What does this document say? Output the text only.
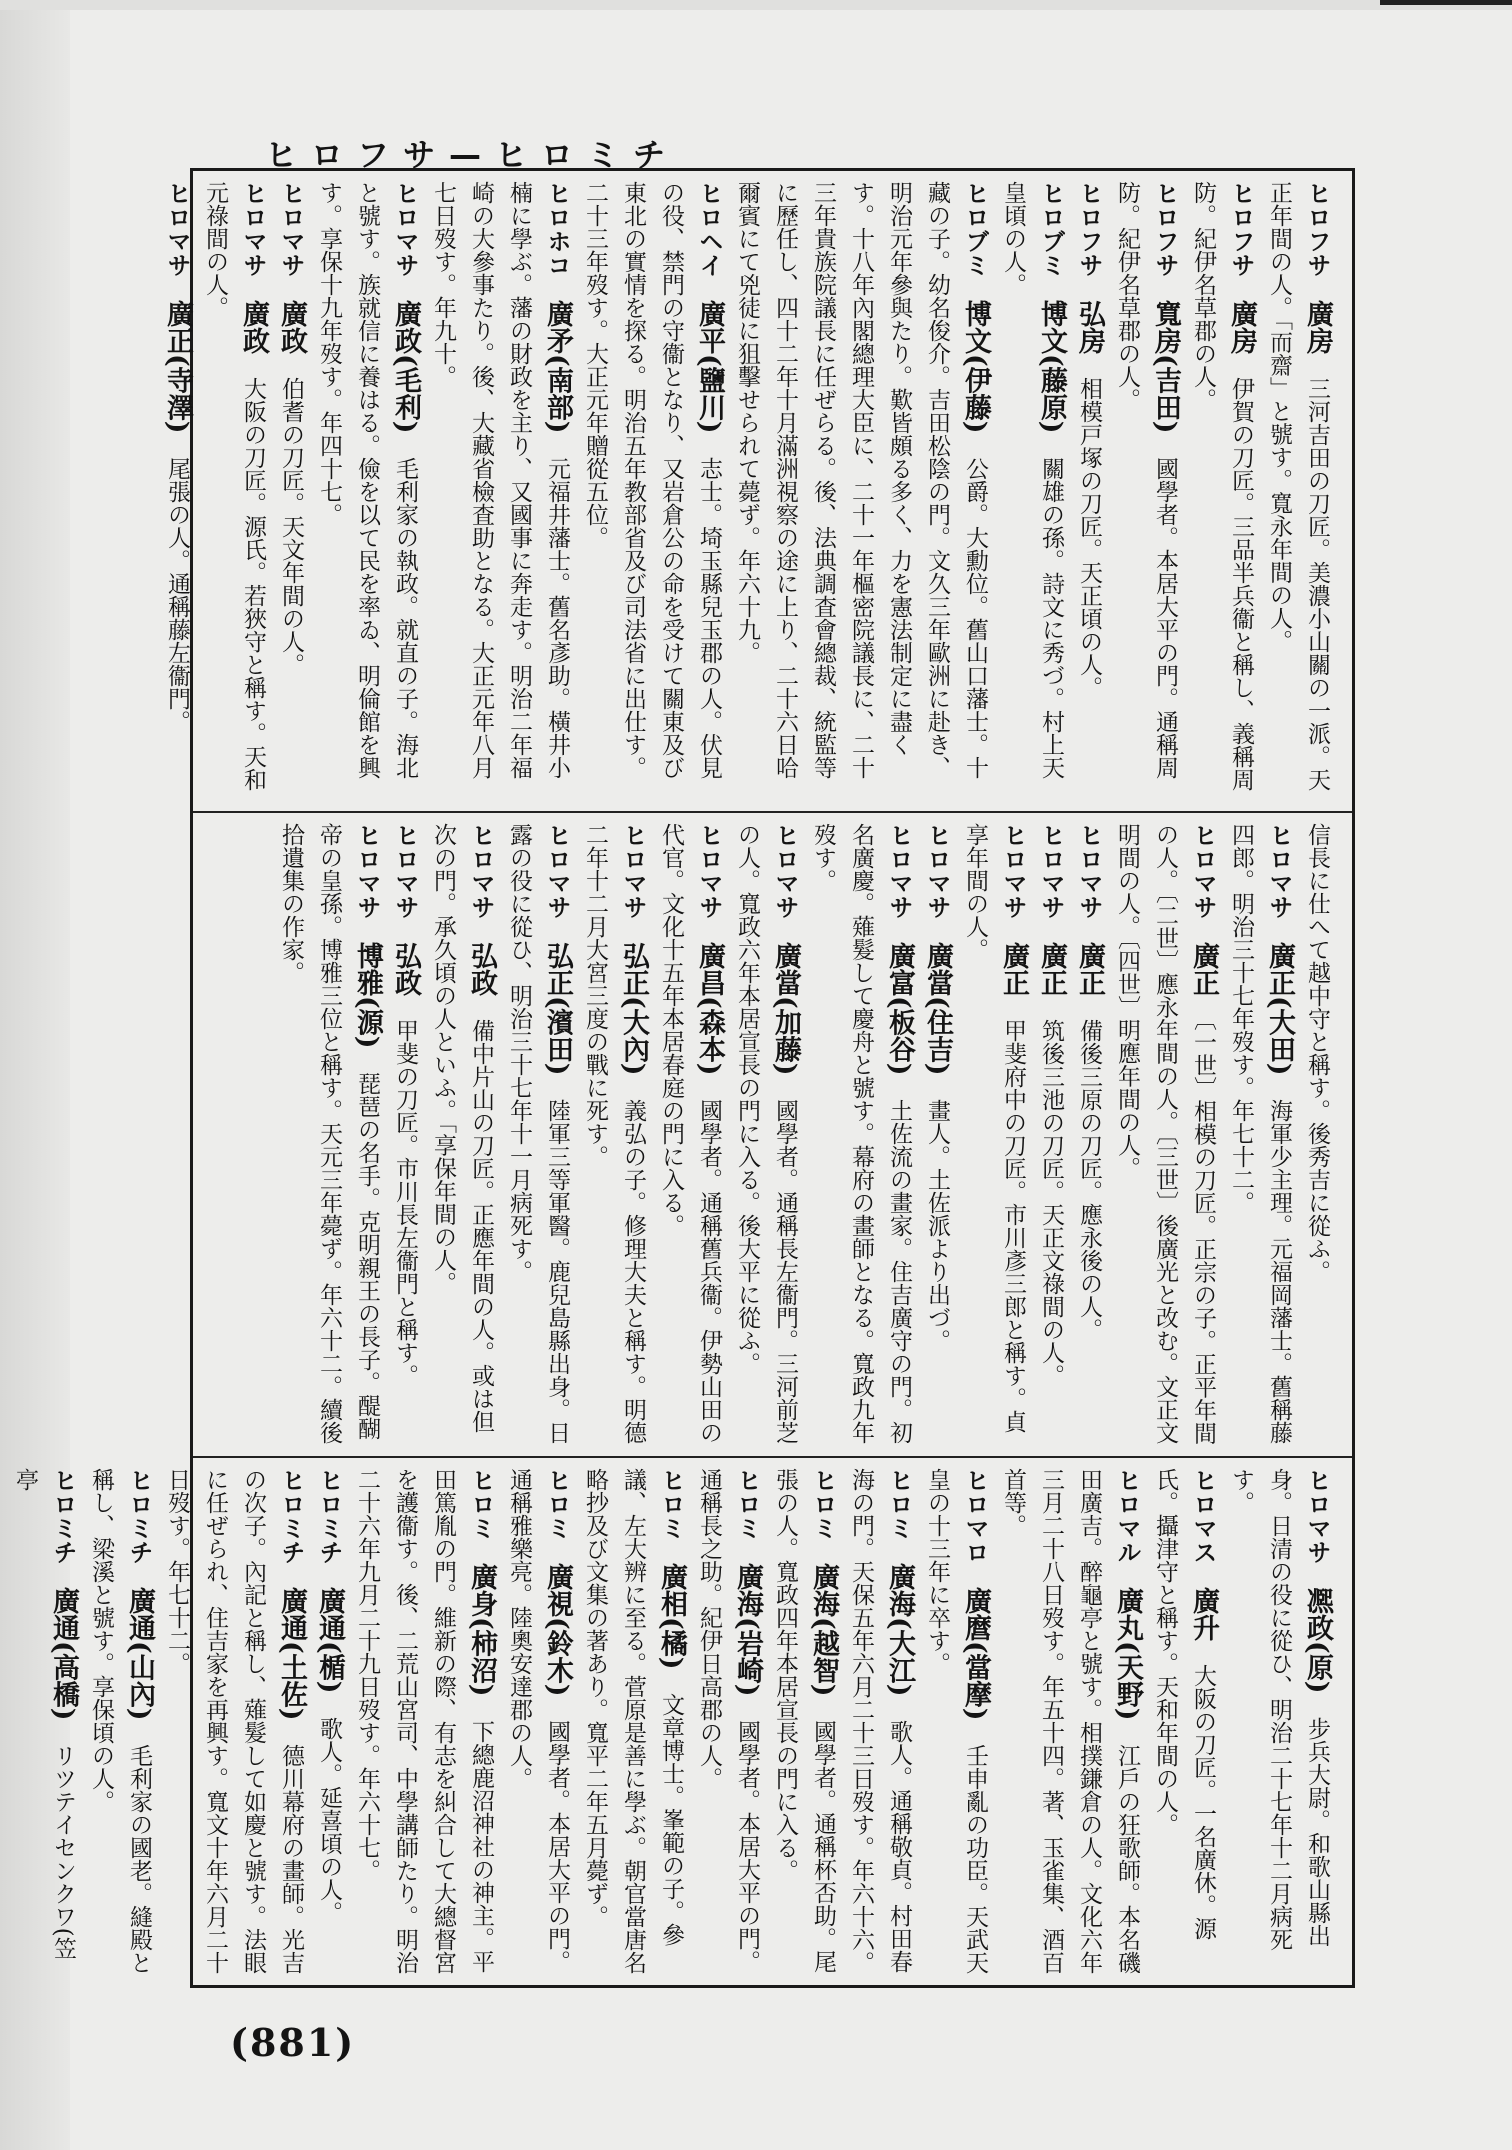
ヒロフサ—ヒロミチ
ヒロフサ　廣房　三河吉田の刀匠。美濃小山關の一派。天正年間の人。「而齋」と號す。寬永年間の人。
ヒロフサ　廣房　伊賀の刀匠。三品半兵衞と稱し、義稱周防。紀伊名草郡の人。
ヒロフサ　寬房(吉田)　國學者。本居大平の門。通稱周防。紀伊名草郡の人。
ヒロフサ　弘房　相模戸塚の刀匠。天正頃の人。
ヒロブミ　博文(藤原)　關雄の孫。詩文に秀づ。村上天皇頃の人。
ヒロブミ　博文(伊藤)　公爵。大勳位。舊山口藩士。十藏の子。幼名俊介。吉田松陰の門。文久三年歐洲に赴き、明治元年參與たり。歎皆頗る多く、力を憲法制定に盡くす。十八年內閣總理大臣に、二十一年樞密院議長に、二十三年貴族院議長に任ぜらる。後、法典調査會總裁、統監等に歷任し、四十二年十月滿洲視察の途に上り、二十六日哈爾賓にて兇徒に狙擊せられて薨ず。年六十九。
ヒロヘイ　廣平(鹽川)　志士。埼玉縣兒玉郡の人。伏見の役、禁門の守衞となり、又岩倉公の命を受けて關東及び東北の實情を探る。明治五年教部省及び司法省に出仕す。二十三年歿す。大正元年贈從五位。
ヒロホコ　廣矛(南部)　元福井藩士。舊名彥助。橫井小楠に學ぶ。藩の財政を主り、又國事に奔走す。明治二年福崎の大參事たり。後、大藏省檢査助となる。大正元年八月七日歿す。年九十。
ヒロマサ　廣政(毛利)　毛利家の執政。就直の子。海北と號す。族就信に養はる。儉を以て民を率ゐ、明倫館を興す。享保十九年歿す。年四十七。
ヒロマサ　廣政　伯耆の刀匠。天文年間の人。
ヒロマサ　廣政　大阪の刀匠。源氏。若狹守と稱す。天和元祿間の人。
ヒロマサ　廣正(寺澤)　尾張の人。通稱藤左衞門。
信長に仕へて越中守と稱す。後秀吉に從ふ。
ヒロマサ　廣正(大田)　海軍少主理。元福岡藩士。舊稱藤四郎。明治三十七年歿す。年七十二。
ヒロマサ　廣正　〔一世〕相模の刀匠。正宗の子。正平年間の人。〔二世〕應永年間の人。〔三世〕後廣光と改む。文正文明間の人。〔四世〕明應年間の人。
ヒロマサ　廣正　備後三原の刀匠。應永後の人。
ヒロマサ　廣正　筑後三池の刀匠。天正文祿間の人。
ヒロマサ　廣正　甲斐府中の刀匠。市川彥三郎と稱す。貞享年間の人。
ヒロマサ　廣當(住吉)　畫人。土佐派より出づ。
ヒロマサ　廣富(板谷)　土佐流の畫家。住吉廣守の門。初名廣慶。薙髮して慶舟と號す。幕府の畫師となる。寬政九年歿す。
ヒロマサ　廣當(加藤)　國學者。通稱長左衞門。三河前芝の人。寬政六年本居宣長の門に入る。後大平に從ふ。
ヒロマサ　廣昌(森本)　國學者。通稱舊兵衞。伊勢山田の代官。文化十五年本居春庭の門に入る。
ヒロマサ　弘正(大內)　義弘の子。修理大夫と稱す。明德二年十二月大宮三度の戰に死す。
ヒロマサ　弘正(濱田)　陸軍三等軍醫。鹿兒島縣出身。日露の役に從ひ、明治三十七年十一月病死す。
ヒロマサ　弘政　備中片山の刀匠。正應年間の人。或は但次の門。承久頃の人といふ。「享保年間の人。
ヒロマサ　弘政　甲斐の刀匠。市川長左衞門と稱す。
ヒロマサ　博雅(源)　琵琶の名手。克明親王の長子。醍醐帝の皇孫。博雅三位と稱す。天元三年薨ず。年六十二。續後拾遺集の作家。
ヒロマサ　凞政(原)　步兵大尉。和歌山縣出身。日清の役に從ひ、明治二十七年十二月病死す。
ヒロマス　廣升　大阪の刀匠。一名廣休。源氏。攝津守と稱す。天和年間の人。
ヒロマル　廣丸(天野)　江戶の狂歌師。本名磯田廣吉。醉龜亭と號す。相撲鎌倉の人。文化六年三月二十八日歿す。年五十四。著、玉雀集、酒百首等。
ヒロマロ　廣麿(當摩)　壬申亂の功臣。天武天皇の十三年に卒す。
ヒロミ　廣海(大江)　歌人。通稱敬貞。村田春海の門。天保五年六月二十三日歿す。年六十六。
ヒロミ　廣海(越智)　國學者。通稱杯否助。尾張の人。寬政四年本居宣長の門に入る。
ヒロミ　廣海(岩崎)　國學者。本居大平の門。通稱長之助。紀伊日高郡の人。
ヒロミ　廣相(橘)　文章博士。峯範の子。參議、左大辨に至る。菅原是善に學ぶ。朝官當唐名略抄及び文集の著あり。寬平二年五月薨ず。
ヒロミ　廣視(鈴木)　國學者。本居大平の門。通稱雅樂亮。陸奧安達郡の人。
ヒロミ　廣身(柿沼)　下總鹿沼神社の神主。平田篤胤の門。維新の際、有志を糾合して大總督宮を護衞す。後、二荒山宮司、中學講師たり。明治二十六年九月二十九日歿す。年六十七。
ヒロミチ　廣通(楯)　歌人。延喜頃の人。
ヒロミチ　廣通(土佐)　德川幕府の畫師。光吉の次子。內記と稱し、薙髮して如慶と號す。法眼に任ぜられ、住吉家を再興す。寬文十年六月二十日歿す。年七十二。
ヒロミチ　廣通(山內)　毛利家の國老。縫殿と稱し、梁溪と號す。享保頃の人。
ヒロミチ　廣通(高橋)　リツテイセンクワ(笠亭
(881)
